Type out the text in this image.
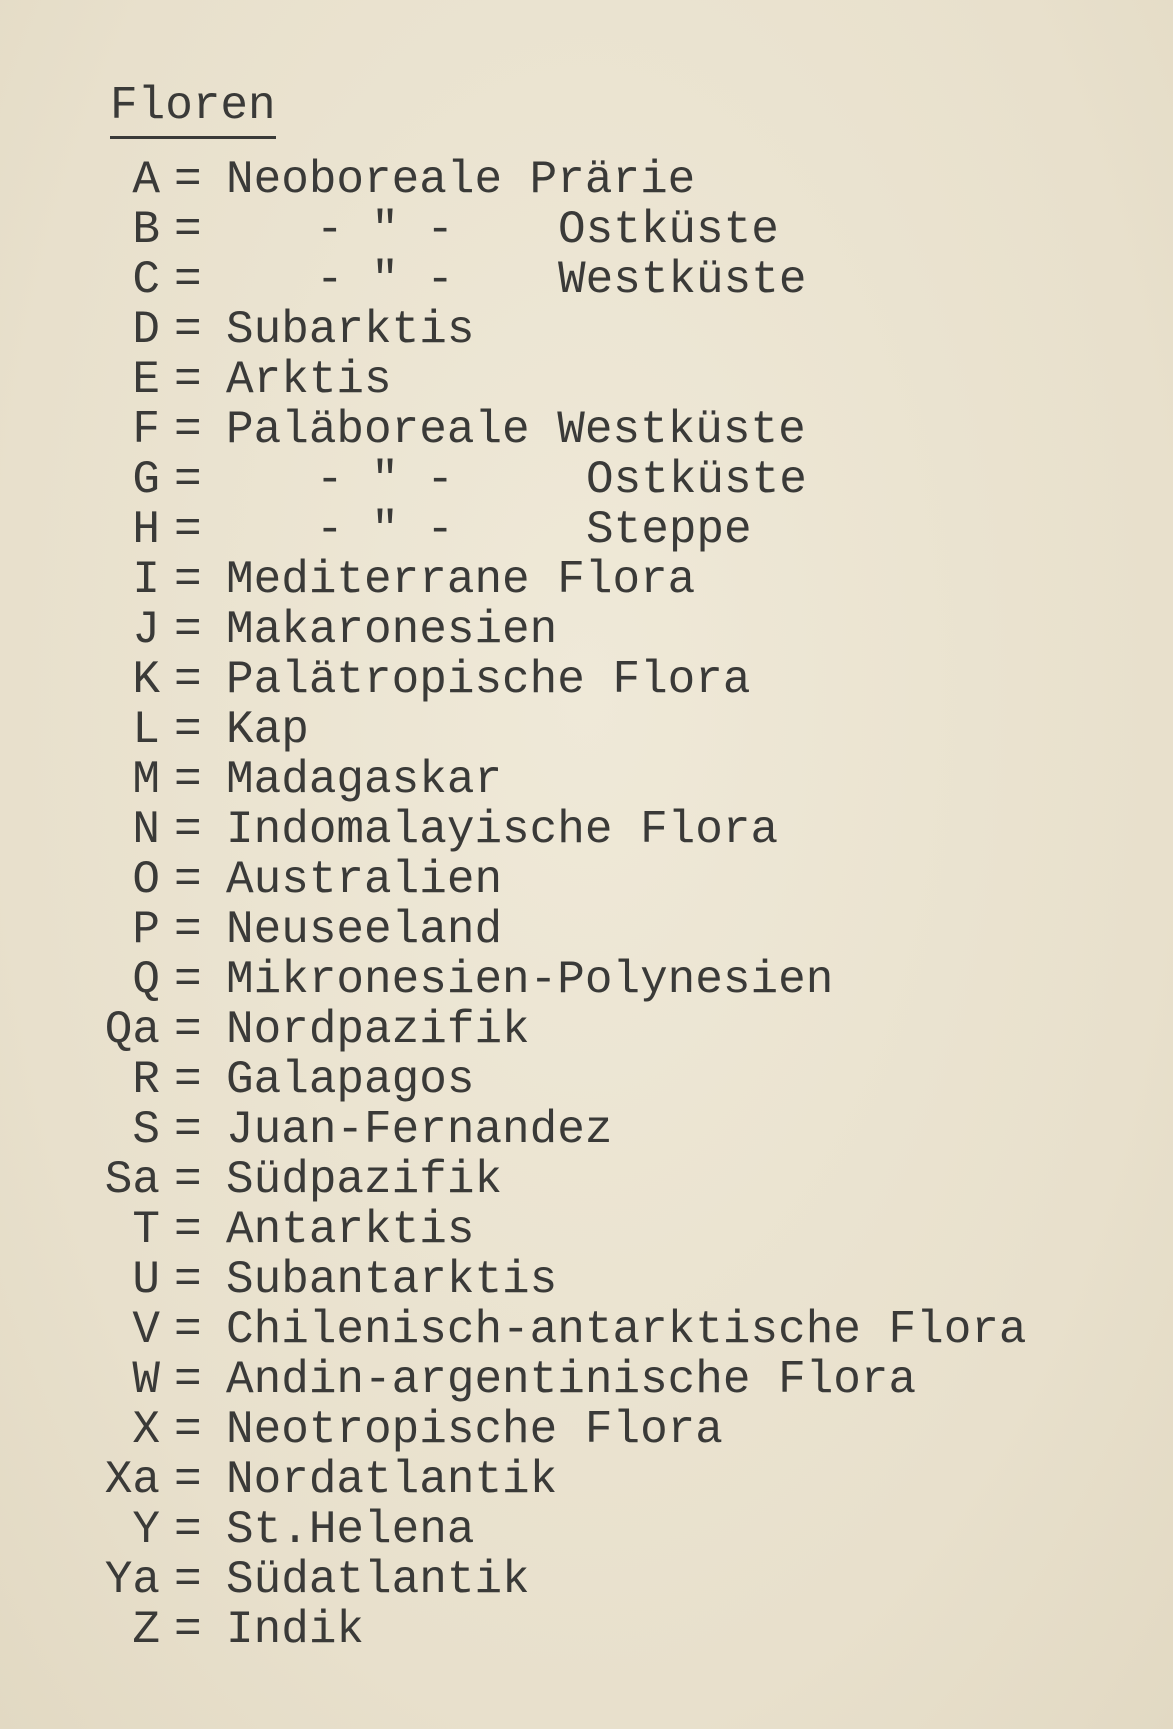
Floren
A = Neoboreale Prärie
B = - " - Ostküste
C = - " - Westküste
D = Subarktis
E = Arktis
F = Paläboreale Westküste
G = - " -	Ostküste
H = - " -	Steppe
I = Mediterrane Flora
J = Makaronesien
K = Palätropische Flora
L = Kap
M = Madagaskar
N = Indomalayische Flora
O = Australien
P = Neuseeland
Q = Mikronesien-Polynesien
Qa = Nordpazifik
R = Galapagos
S = Juan-Fernandez
Sa = Südpazifik
T = Antarktis
U = Subantarktis
V = Chilenisch-antarktische Flora
W = Andin-argentinische Flora
X = Neotropische Flora
Xa = Nordatlantik
Y = St.Helena
Ya = Südatlantik
Z = Indik
